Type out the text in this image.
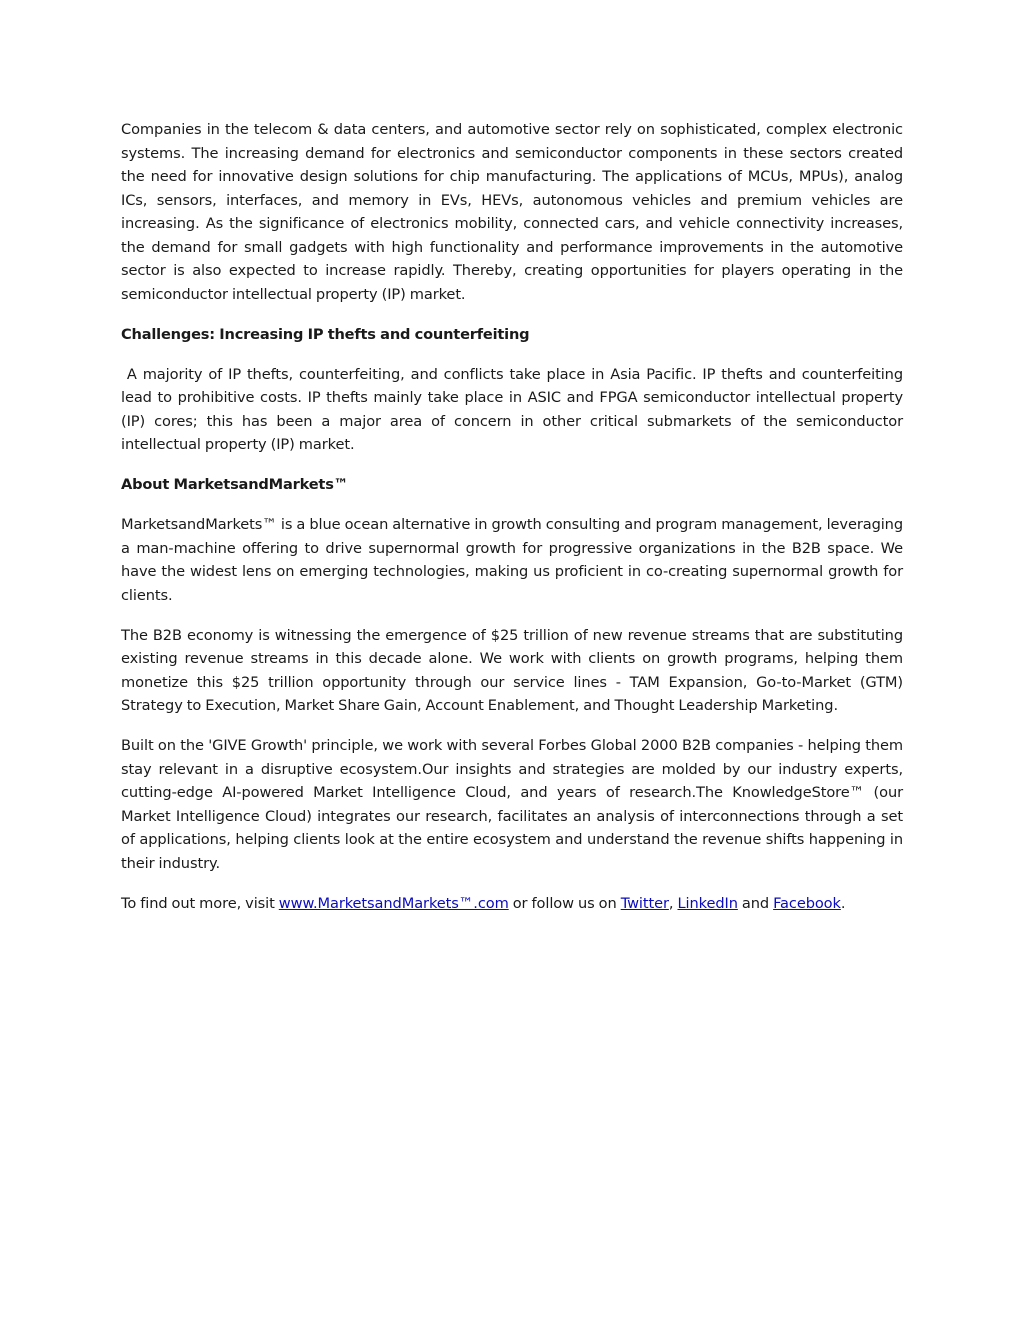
Companies in the telecom & data centers, and automotive sector rely on sophisticated, complex electronic systems. The increasing demand for electronics and semiconductor components in these sectors created the need for innovative design solutions for chip manufacturing. The applications of MCUs, MPUs), analog ICs, sensors, interfaces, and memory in EVs, HEVs, autonomous vehicles and premium vehicles are increasing. As the significance of electronics mobility, connected cars, and vehicle connectivity increases, the demand for small gadgets with high functionality and performance improvements in the automotive sector is also expected to increase rapidly. Thereby, creating opportunities for players operating in the semiconductor intellectual property (IP) market.

Challenges: Increasing IP thefts and counterfeiting

A majority of IP thefts, counterfeiting, and conflicts take place in Asia Pacific. IP thefts and counterfeiting lead to prohibitive costs. IP thefts mainly take place in ASIC and FPGA semiconductor intellectual property (IP) cores; this has been a major area of concern in other critical submarkets of the semiconductor intellectual property (IP) market.

About MarketsandMarkets™

MarketsandMarkets™ is a blue ocean alternative in growth consulting and program management, leveraging a man-machine offering to drive supernormal growth for progressive organizations in the B2B space. We have the widest lens on emerging technologies, making us proficient in co-creating supernormal growth for clients.

The B2B economy is witnessing the emergence of $25 trillion of new revenue streams that are substituting existing revenue streams in this decade alone. We work with clients on growth programs, helping them monetize this $25 trillion opportunity through our service lines - TAM Expansion, Go-to-Market (GTM) Strategy to Execution, Market Share Gain, Account Enablement, and Thought Leadership Marketing.

Built on the 'GIVE Growth' principle, we work with several Forbes Global 2000 B2B companies - helping them stay relevant in a disruptive ecosystem.Our insights and strategies are molded by our industry experts, cutting-edge AI-powered Market Intelligence Cloud, and years of research.The KnowledgeStore™ (our Market Intelligence Cloud) integrates our research, facilitates an analysis of interconnections through a set of applications, helping clients look at the entire ecosystem and understand the revenue shifts happening in their industry.

To find out more, visit www.MarketsandMarkets™.com or follow us on Twitter, LinkedIn and Facebook.
